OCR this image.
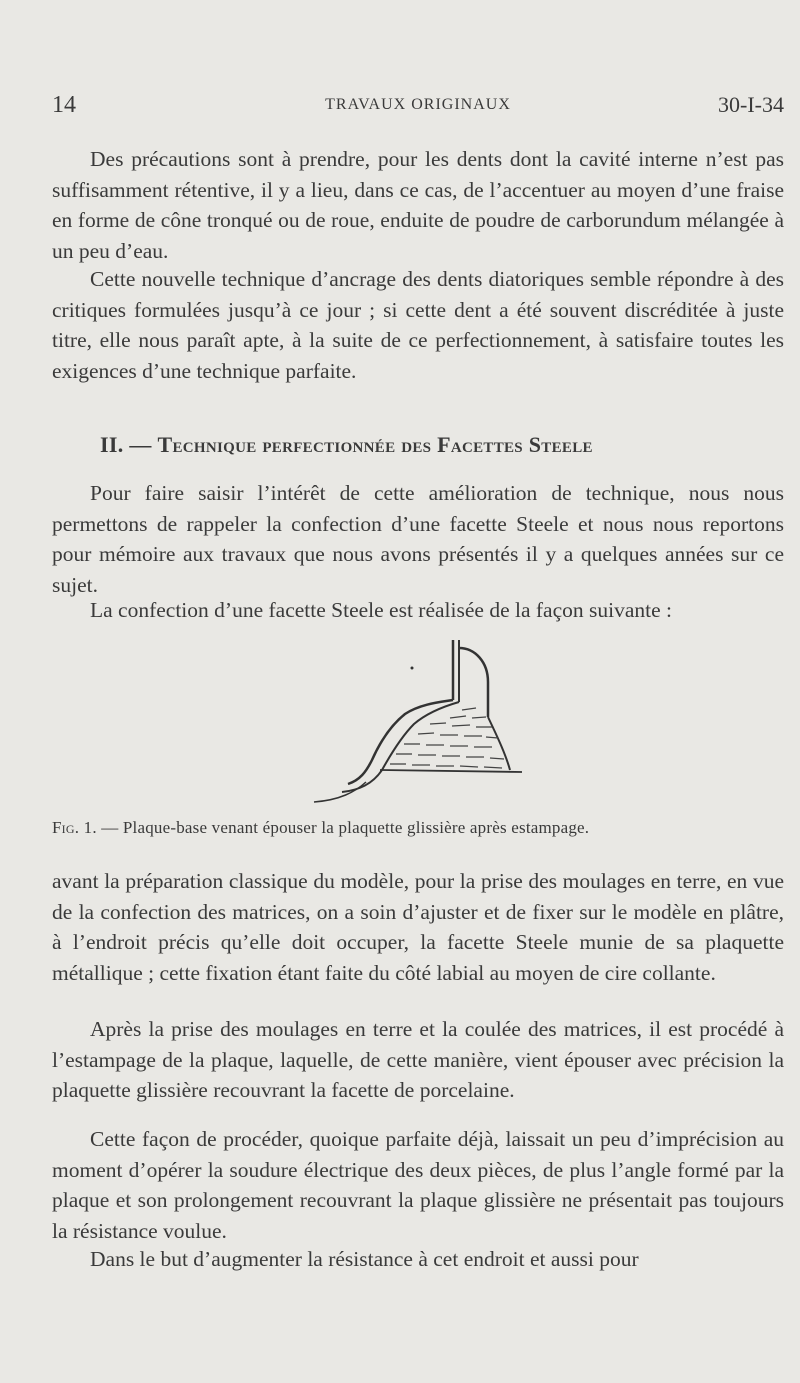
14	TRAVAUX ORIGINAUX	30-I-34

Des précautions sont à prendre, pour les dents dont la cavité interne n’est pas suffisamment rétentive, il y a lieu, dans ce cas, de l’accentuer au moyen d’une fraise en forme de cône tronqué ou de roue, enduite de poudre de carborundum mélangée à un peu d’eau.

Cette nouvelle technique d’ancrage des dents diatoriques semble répondre à des critiques formulées jusqu’à ce jour ; si cette dent a été souvent discréditée à juste titre, elle nous paraît apte, à la suite de ce perfectionnement, à satisfaire toutes les exigences d’une technique parfaite.

II. — Technique perfectionnée des Facettes Steele

Pour faire saisir l’intérêt de cette amélioration de technique, nous nous permettons de rappeler la confection d’une facette Steele et nous nous reportons pour mémoire aux travaux que nous avons présentés il y a quelques années sur ce sujet.

La confection d’une facette Steele est réalisée de la façon suivante :

Fig. 1. — Plaque-base venant épouser la plaquette glissière après estampage.

avant la préparation classique du modèle, pour la prise des moulages en terre, en vue de la confection des matrices, on a soin d’ajuster et de fixer sur le modèle en plâtre, à l’endroit précis qu’elle doit occuper, la facette Steele munie de sa plaquette métallique ; cette fixation étant faite du côté labial au moyen de cire collante.

Après la prise des moulages en terre et la coulée des matrices, il est procédé à l’estampage de la plaque, laquelle, de cette manière, vient épouser avec précision la plaquette glissière recouvrant la facette de porcelaine.

Cette façon de procéder, quoique parfaite déjà, laissait un peu d’imprécision au moment d’opérer la soudure électrique des deux pièces, de plus l’angle formé par la plaque et son prolongement recouvrant la plaque glissière ne présentait pas toujours la résistance voulue.

Dans le but d’augmenter la résistance à cet endroit et aussi pour
